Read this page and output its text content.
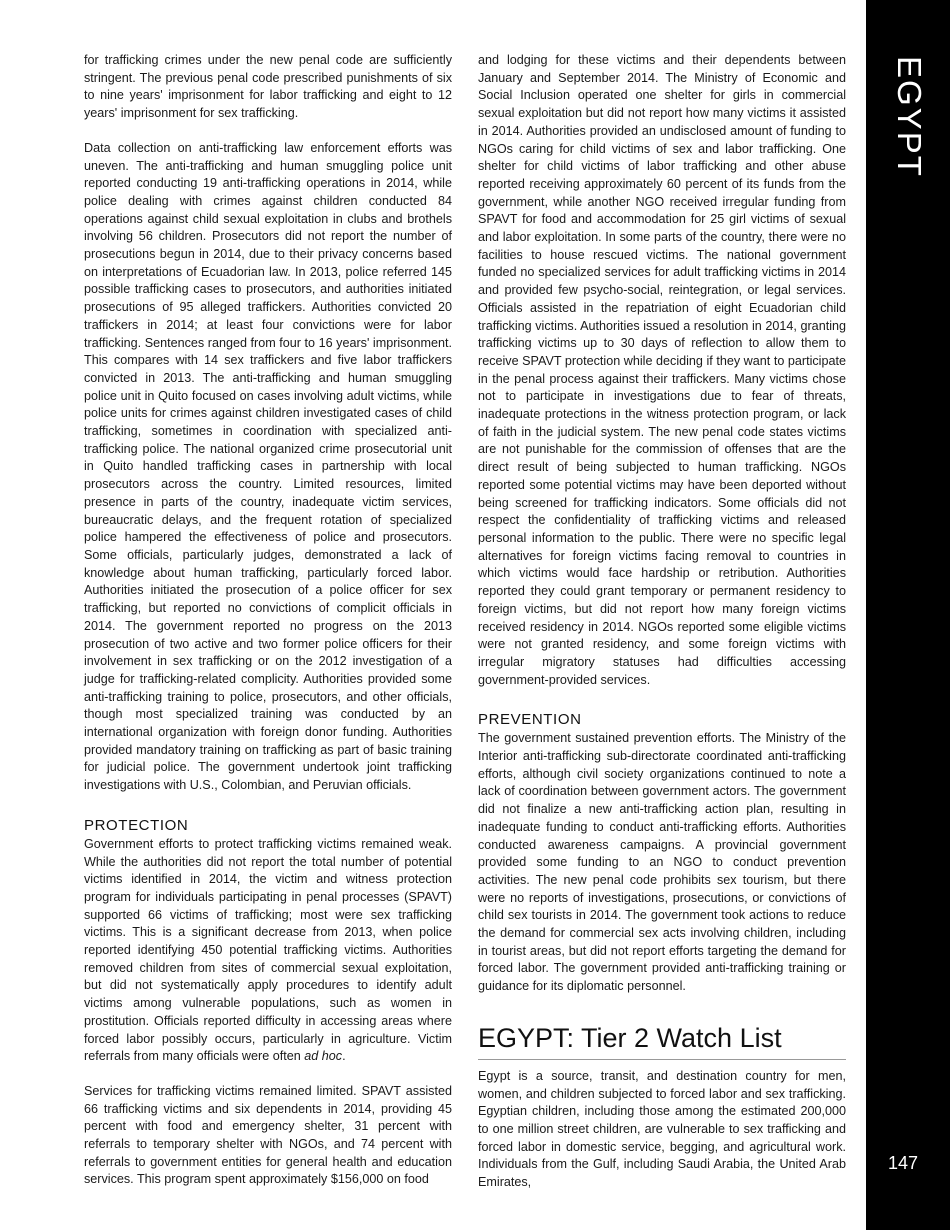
for trafficking crimes under the new penal code are sufficiently stringent. The previous penal code prescribed punishments of six to nine years' imprisonment for labor trafficking and eight to 12 years' imprisonment for sex trafficking.

Data collection on anti-trafficking law enforcement efforts was uneven. The anti-trafficking and human smuggling police unit reported conducting 19 anti-trafficking operations in 2014, while police dealing with crimes against children conducted 84 operations against child sexual exploitation in clubs and brothels involving 56 children. Prosecutors did not report the number of prosecutions begun in 2014, due to their privacy concerns based on interpretations of Ecuadorian law. In 2013, police referred 145 possible trafficking cases to prosecutors, and authorities initiated prosecutions of 95 alleged traffickers. Authorities convicted 20 traffickers in 2014; at least four convictions were for labor trafficking. Sentences ranged from four to 16 years' imprisonment. This compares with 14 sex traffickers and five labor traffickers convicted in 2013. The anti-trafficking and human smuggling police unit in Quito focused on cases involving adult victims, while police units for crimes against children investigated cases of child trafficking, sometimes in coordination with specialized anti-trafficking police. The national organized crime prosecutorial unit in Quito handled trafficking cases in partnership with local prosecutors across the country. Limited resources, limited presence in parts of the country, inadequate victim services, bureaucratic delays, and the frequent rotation of specialized police hampered the effectiveness of police and prosecutors. Some officials, particularly judges, demonstrated a lack of knowledge about human trafficking, particularly forced labor. Authorities initiated the prosecution of a police officer for sex trafficking, but reported no convictions of complicit officials in 2014. The government reported no progress on the 2013 prosecution of two active and two former police officers for their involvement in sex trafficking or on the 2012 investigation of a judge for trafficking-related complicity. Authorities provided some anti-trafficking training to police, prosecutors, and other officials, though most specialized training was conducted by an international organization with foreign donor funding. Authorities provided mandatory training on trafficking as part of basic training for judicial police. The government undertook joint trafficking investigations with U.S., Colombian, and Peruvian officials.

PROTECTION

Government efforts to protect trafficking victims remained weak. While the authorities did not report the total number of potential victims identified in 2014, the victim and witness protection program for individuals participating in penal processes (SPAVT) supported 66 victims of trafficking; most were sex trafficking victims. This is a significant decrease from 2013, when police reported identifying 450 potential trafficking victims. Authorities removed children from sites of commercial sexual exploitation, but did not systematically apply procedures to identify adult victims among vulnerable populations, such as women in prostitution. Officials reported difficulty in accessing areas where forced labor possibly occurs, particularly in agriculture. Victim referrals from many officials were often ad hoc.

Services for trafficking victims remained limited. SPAVT assisted 66 trafficking victims and six dependents in 2014, providing 45 percent with food and emergency shelter, 31 percent with referrals to temporary shelter with NGOs, and 74 percent with referrals to government entities for general health and education services. This program spent approximately $156,000 on food

and lodging for these victims and their dependents between January and September 2014. The Ministry of Economic and Social Inclusion operated one shelter for girls in commercial sexual exploitation but did not report how many victims it assisted in 2014. Authorities provided an undisclosed amount of funding to NGOs caring for child victims of sex and labor trafficking. One shelter for child victims of labor trafficking and other abuse reported receiving approximately 60 percent of its funds from the government, while another NGO received irregular funding from SPAVT for food and accommodation for 25 girl victims of sexual and labor exploitation. In some parts of the country, there were no facilities to house rescued victims. The national government funded no specialized services for adult trafficking victims in 2014 and provided few psycho-social, reintegration, or legal services. Officials assisted in the repatriation of eight Ecuadorian child trafficking victims. Authorities issued a resolution in 2014, granting trafficking victims up to 30 days of reflection to allow them to receive SPAVT protection while deciding if they want to participate in the penal process against their traffickers. Many victims chose not to participate in investigations due to fear of threats, inadequate protections in the witness protection program, or lack of faith in the judicial system. The new penal code states victims are not punishable for the commission of offenses that are the direct result of being subjected to human trafficking. NGOs reported some potential victims may have been deported without being screened for trafficking indicators. Some officials did not respect the confidentiality of trafficking victims and released personal information to the public. There were no specific legal alternatives for foreign victims facing removal to countries in which victims would face hardship or retribution. Authorities reported they could grant temporary or permanent residency to foreign victims, but did not report how many foreign victims received residency in 2014. NGOs reported some eligible victims were not granted residency, and some foreign victims with irregular migratory statuses had difficulties accessing government-provided services.

PREVENTION

The government sustained prevention efforts. The Ministry of the Interior anti-trafficking sub-directorate coordinated anti-trafficking efforts, although civil society organizations continued to note a lack of coordination between government actors. The government did not finalize a new anti-trafficking action plan, resulting in inadequate funding to conduct anti-trafficking efforts. Authorities conducted awareness campaigns. A provincial government provided some funding to an NGO to conduct prevention activities. The new penal code prohibits sex tourism, but there were no reports of investigations, prosecutions, or convictions of child sex tourists in 2014. The government took actions to reduce the demand for commercial sex acts involving children, including in tourist areas, but did not report efforts targeting the demand for forced labor. The government provided anti-trafficking training or guidance for its diplomatic personnel.

EGYPT: Tier 2 Watch List

Egypt is a source, transit, and destination country for men, women, and children subjected to forced labor and sex trafficking. Egyptian children, including those among the estimated 200,000 to one million street children, are vulnerable to sex trafficking and forced labor in domestic service, begging, and agricultural work. Individuals from the Gulf, including Saudi Arabia, the United Arab Emirates,

EGYPT
147
